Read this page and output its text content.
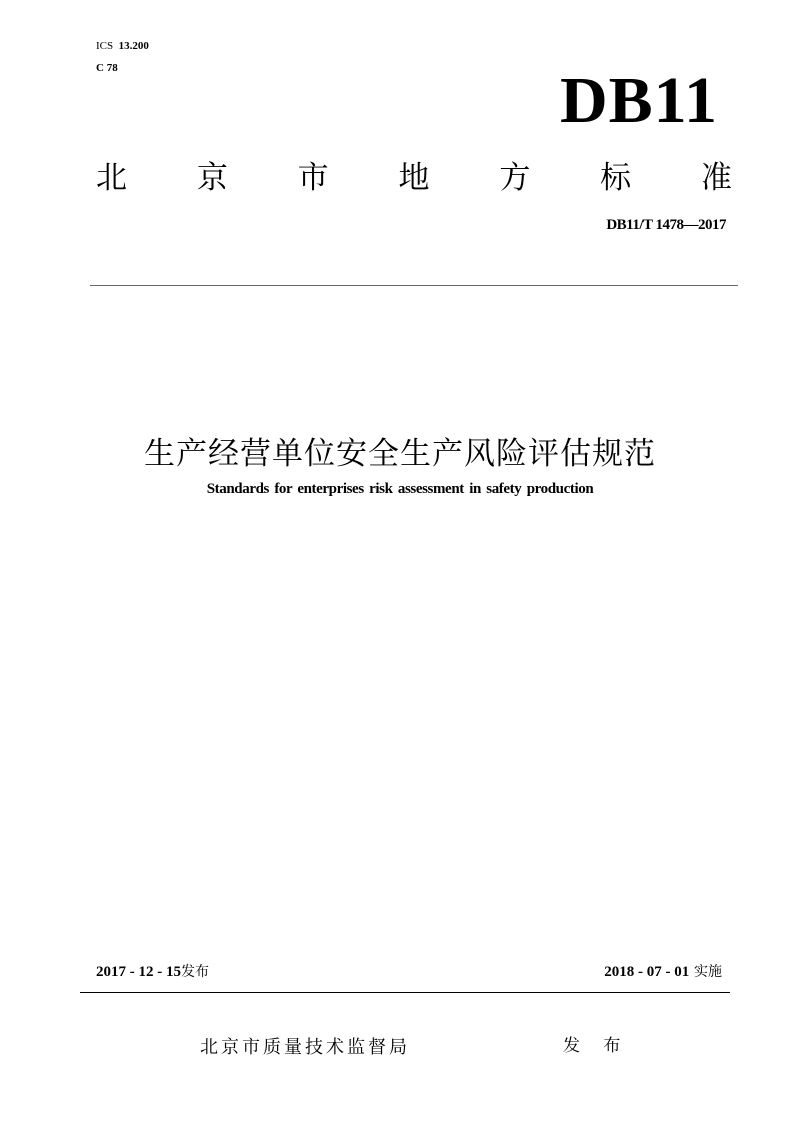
ICS 13.200
C 78	DB11
北 京 市 地 方 标 准
DB11/T 1478—2017
生产经营单位安全生产风险评估规范
Standards for enterprises risk assessment in safety production
2017 - 12 - 15发布	2018 - 07 - 01 实施
北京市质量技术监督局	发 布
